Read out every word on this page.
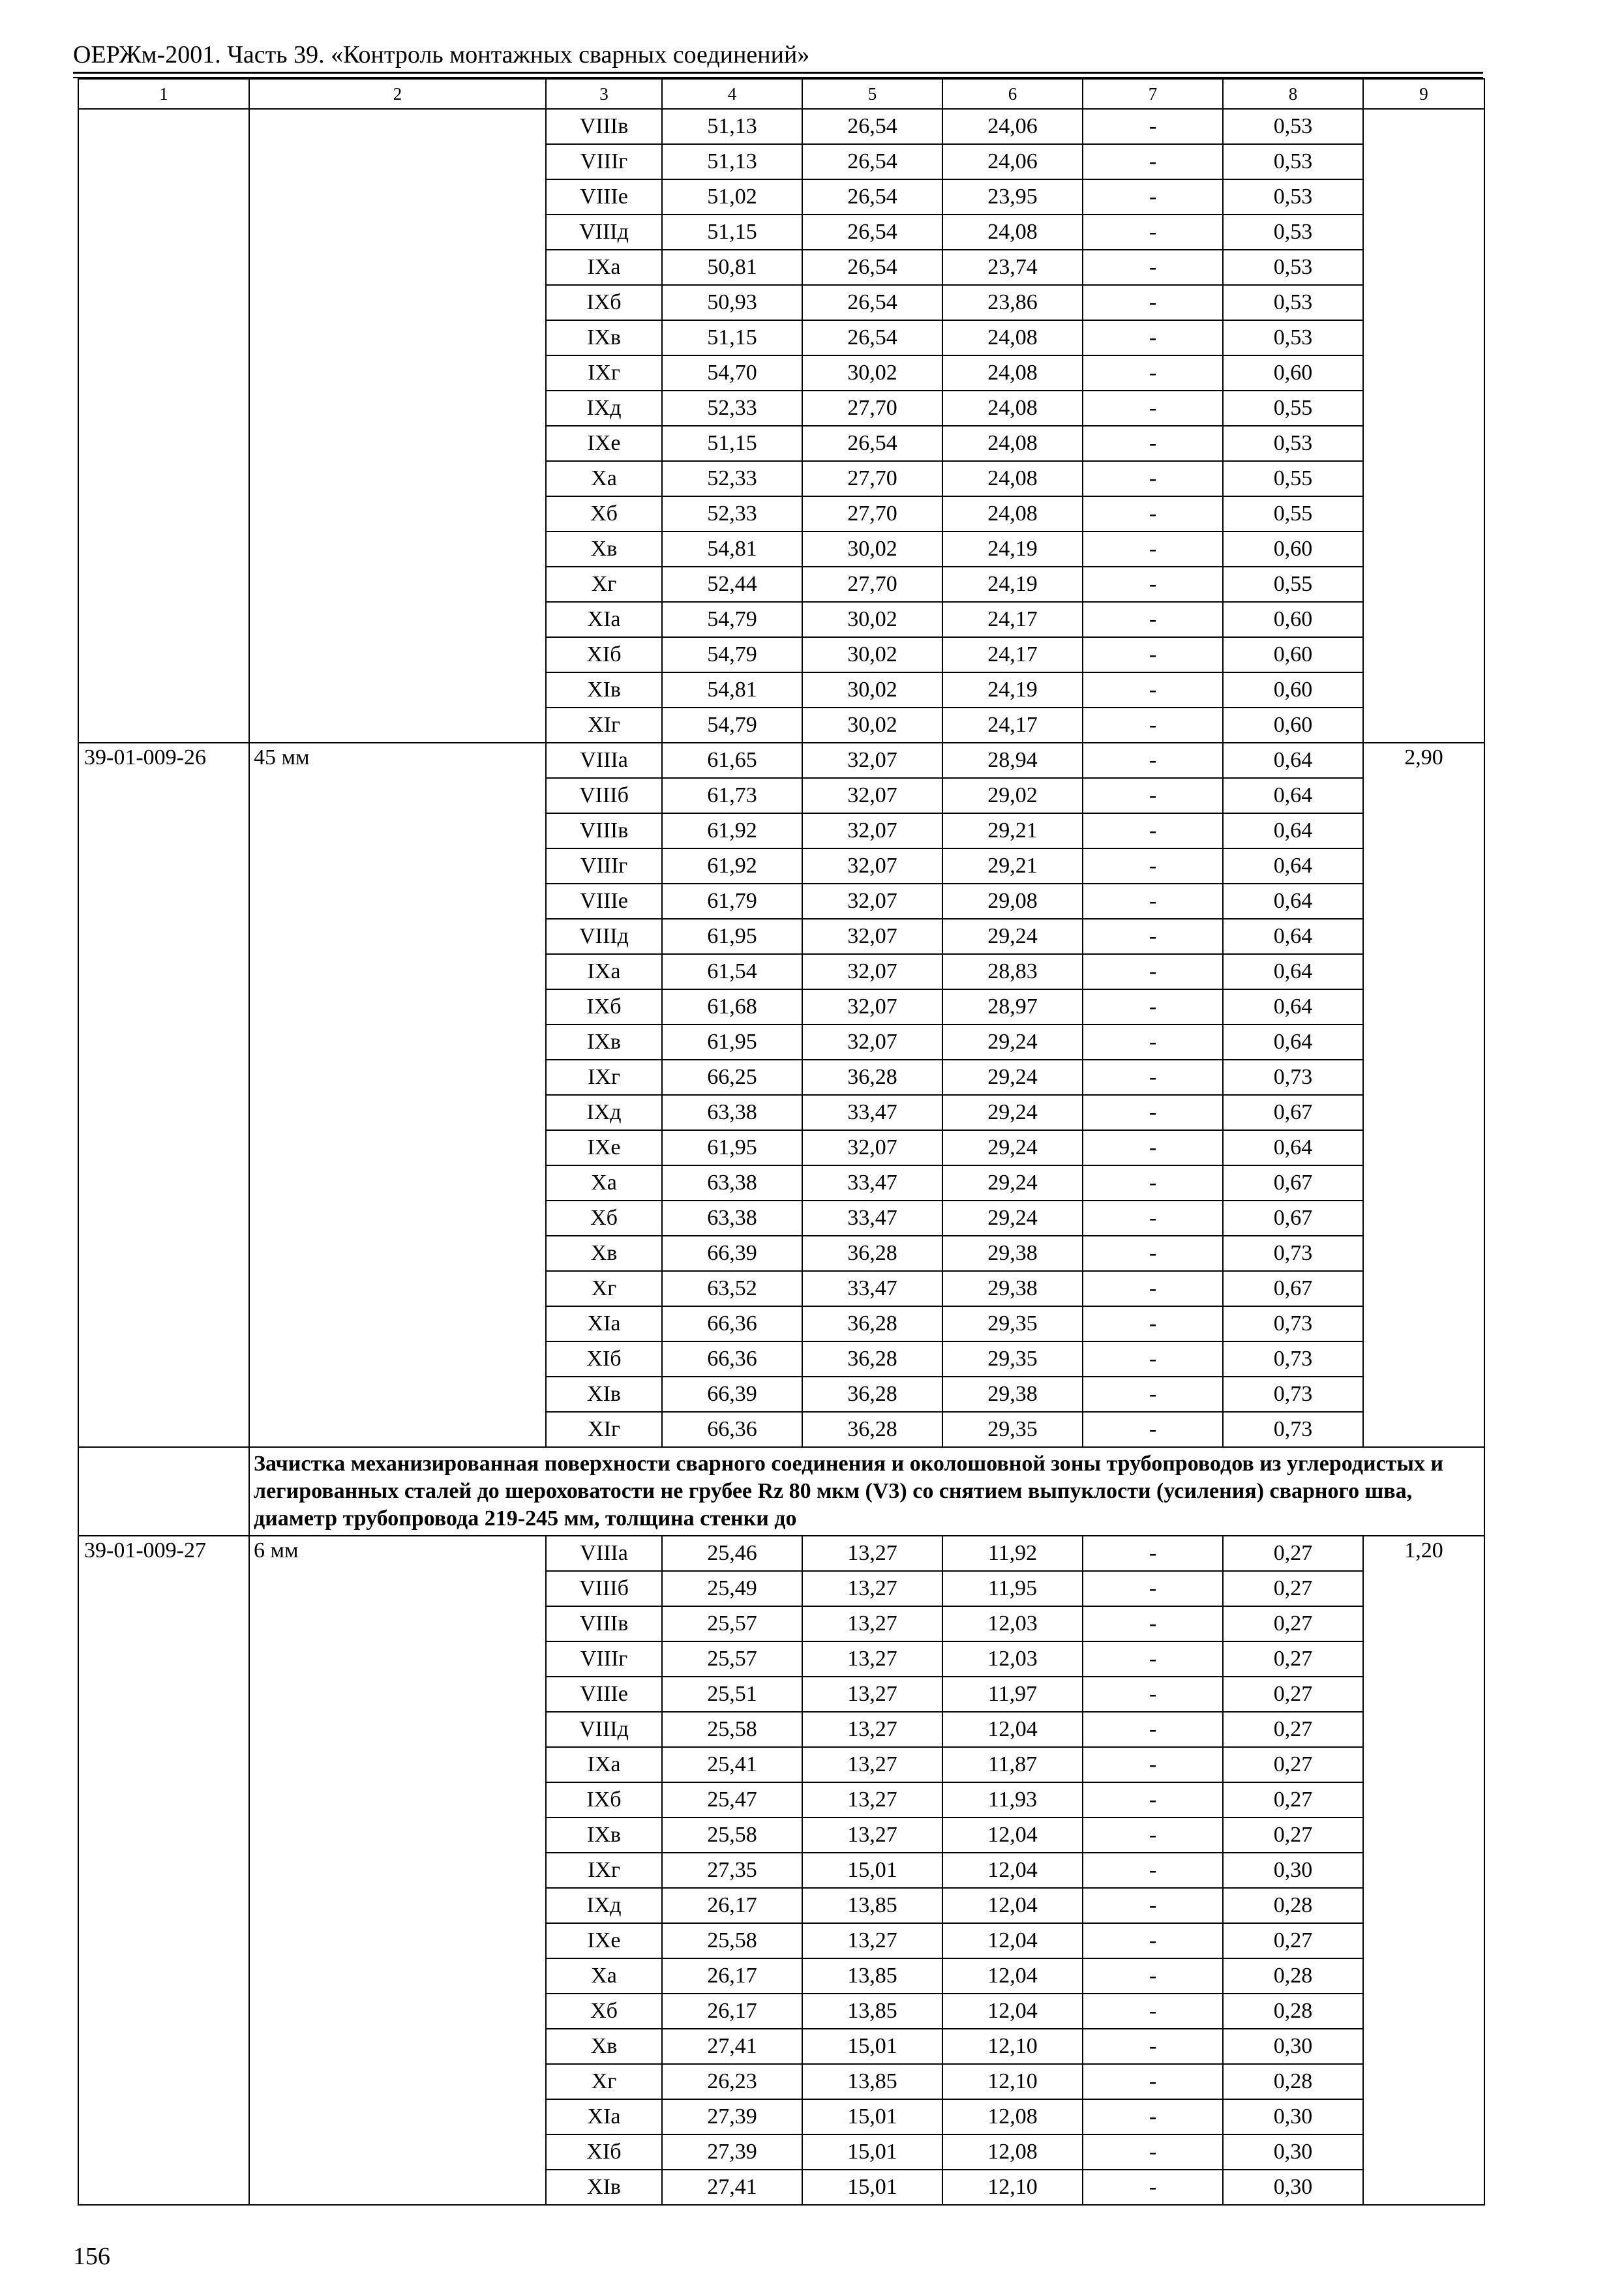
ОЕРЖм-2001. Часть 39. «Контроль монтажных сварных соединений»
1	2	3	4	5	6	7	8	9
		VIIIв	51,13	26,54	24,06	-	0,53	
		VIIIг	51,13	26,54	24,06	-	0,53	
		VIIIе	51,02	26,54	23,95	-	0,53	
		VIIIд	51,15	26,54	24,08	-	0,53	
		IXа	50,81	26,54	23,74	-	0,53	
		IXб	50,93	26,54	23,86	-	0,53	
		IXв	51,15	26,54	24,08	-	0,53	
		IXг	54,70	30,02	24,08	-	0,60	
		IXд	52,33	27,70	24,08	-	0,55	
		IXе	51,15	26,54	24,08	-	0,53	
		Xа	52,33	27,70	24,08	-	0,55	
		Xб	52,33	27,70	24,08	-	0,55	
		Xв	54,81	30,02	24,19	-	0,60	
		Xг	52,44	27,70	24,19	-	0,55	
		XIа	54,79	30,02	24,17	-	0,60	
		XIб	54,79	30,02	24,17	-	0,60	
		XIв	54,81	30,02	24,19	-	0,60	
		XIг	54,79	30,02	24,17	-	0,60	
39-01-009-26	45 мм	VIIIа	61,65	32,07	28,94	-	0,64	2,90
		VIIIб	61,73	32,07	29,02	-	0,64	
		VIIIв	61,92	32,07	29,21	-	0,64	
		VIIIг	61,92	32,07	29,21	-	0,64	
		VIIIе	61,79	32,07	29,08	-	0,64	
		VIIIд	61,95	32,07	29,24	-	0,64	
		IXа	61,54	32,07	28,83	-	0,64	
		IXб	61,68	32,07	28,97	-	0,64	
		IXв	61,95	32,07	29,24	-	0,64	
		IXг	66,25	36,28	29,24	-	0,73	
		IXд	63,38	33,47	29,24	-	0,67	
		IXе	61,95	32,07	29,24	-	0,64	
		Xа	63,38	33,47	29,24	-	0,67	
		Xб	63,38	33,47	29,24	-	0,67	
		Xв	66,39	36,28	29,38	-	0,73	
		Xг	63,52	33,47	29,38	-	0,67	
		XIа	66,36	36,28	29,35	-	0,73	
		XIб	66,36	36,28	29,35	-	0,73	
		XIв	66,39	36,28	29,38	-	0,73	
		XIг	66,36	36,28	29,35	-	0,73	
	Зачистка механизированная поверхности сварного соединения и околошовной зоны трубопроводов из углеродистых и легированных сталей до шероховатости не грубее Rz 80 мкм (V3) со снятием выпуклости (усиления) сварного шва, диаметр трубопровода 219-245 мм, толщина стенки до							
39-01-009-27	6 мм	VIIIа	25,46	13,27	11,92	-	0,27	1,20
		VIIIб	25,49	13,27	11,95	-	0,27	
		VIIIв	25,57	13,27	12,03	-	0,27	
		VIIIг	25,57	13,27	12,03	-	0,27	
		VIIIе	25,51	13,27	11,97	-	0,27	
		VIIIд	25,58	13,27	12,04	-	0,27	
		IXа	25,41	13,27	11,87	-	0,27	
		IXб	25,47	13,27	11,93	-	0,27	
		IXв	25,58	13,27	12,04	-	0,27	
		IXг	27,35	15,01	12,04	-	0,30	
		IXд	26,17	13,85	12,04	-	0,28	
		IXе	25,58	13,27	12,04	-	0,27	
		Xа	26,17	13,85	12,04	-	0,28	
		Xб	26,17	13,85	12,04	-	0,28	
		Xв	27,41	15,01	12,10	-	0,30	
		Xг	26,23	13,85	12,10	-	0,28	
		XIа	27,39	15,01	12,08	-	0,30	
		XIб	27,39	15,01	12,08	-	0,30	
		XIв	27,41	15,01	12,10	-	0,30	
156
